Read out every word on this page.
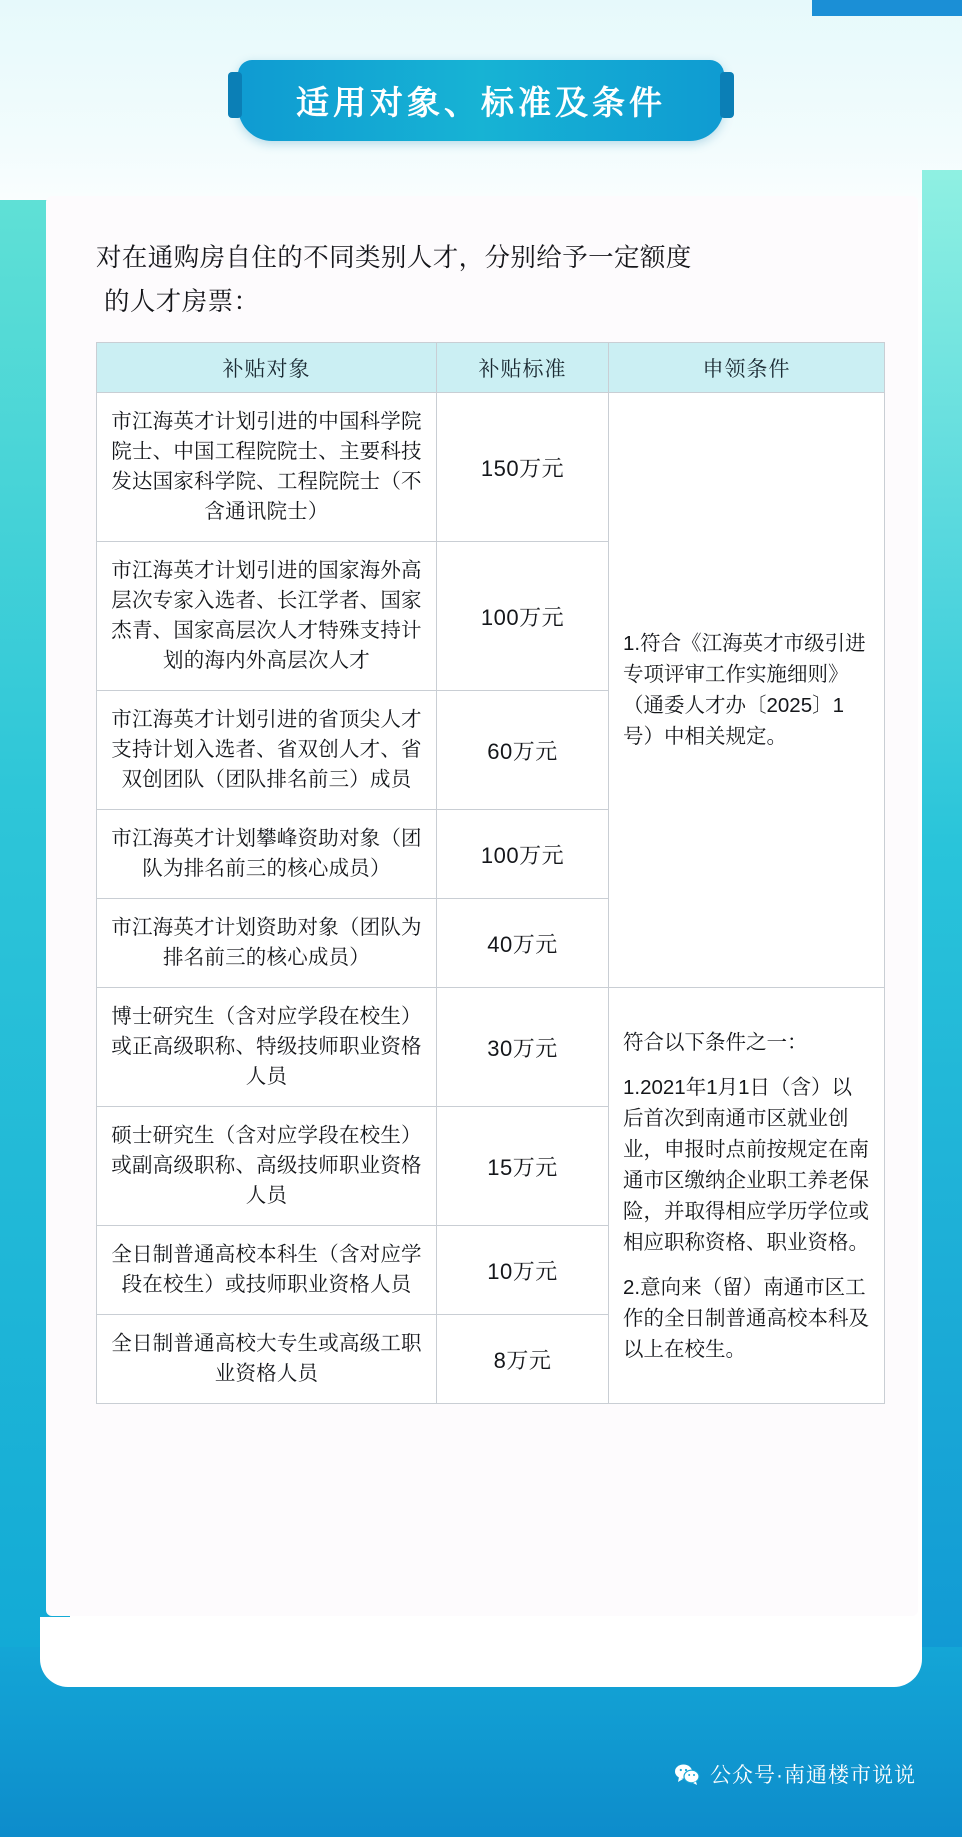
适用对象、标准及条件
对在通购房自住的不同类别人才，分别给予一定额度
的人才房票：
补贴对象	补贴标准	申领条件
市江海英才计划引进的中国科学院院士、中国工程院院士、主要科技发达国家科学院、工程院院士（不含通讯院士）	150万元	1.符合《江海英才市级引进专项评审工作实施细则》（通委人才办〔2025〕1号）中相关规定。
市江海英才计划引进的国家海外高层次专家入选者、长江学者、国家杰青、国家高层次人才特殊支持计划的海内外高层次人才	100万元	
市江海英才计划引进的省顶尖人才支持计划入选者、省双创人才、省双创团队（团队排名前三）成员	60万元	
市江海英才计划攀峰资助对象（团队为排名前三的核心成员）	100万元	
市江海英才计划资助对象（团队为排名前三的核心成员）	40万元	
博士研究生（含对应学段在校生）或正高级职称、特级技师职业资格人员	30万元	符合以下条件之一：

1.2021年1月1日（含）以后首次到南通市区就业创业，申报时点前按规定在南通市区缴纳企业职工养老保险，并取得相应学历学位或相应职称资格、职业资格。

2.意向来（留）南通市区工作的全日制普通高校本科及以上在校生。

硕士研究生（含对应学段在校生）或副高级职称、高级技师职业资格人员	15万元	
全日制普通高校本科生（含对应学段在校生）或技师职业资格人员	10万元	
全日制普通高校大专生或高级工职业资格人员	8万元	
公众号·南通楼市说说
